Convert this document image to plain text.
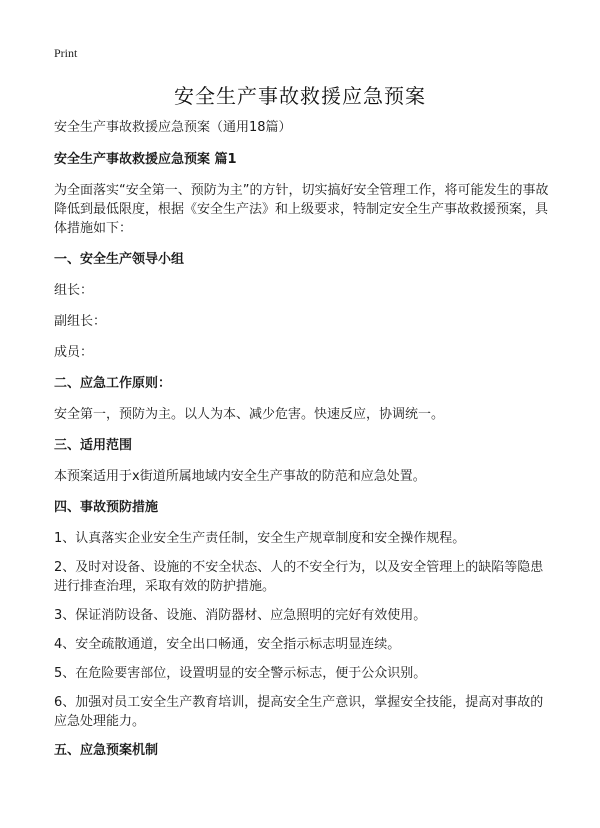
Print
安全生产事故救援应急预案

安全生产事故救援应急预案（通用18篇）

安全生产事故救援应急预案 篇1

为全面落实“安全第一、预防为主”的方针，切实搞好安全管理工作，将可能发生的事故降低到最低限度，根据《安全生产法》和上级要求，特制定安全生产事故救援预案，具体措施如下：

一、安全生产领导小组

组长：

副组长：

成员：

二、应急工作原则：

安全第一，预防为主。以人为本、减少危害。快速反应，协调统一。

三、适用范围

本预案适用于x街道所属地域内安全生产事故的防范和应急处置。

四、事故预防措施

1、认真落实企业安全生产责任制，安全生产规章制度和安全操作规程。

2、及时对设备、设施的不安全状态、人的不安全行为，以及安全管理上的缺陷等隐患进行排查治理，采取有效的防护措施。

3、保证消防设备、设施、消防器材、应急照明的完好有效使用。

4、安全疏散通道，安全出口畅通，安全指示标志明显连续。

5、在危险要害部位，设置明显的安全警示标志，便于公众识别。

6、加强对员工安全生产教育培训，提高安全生产意识，掌握安全技能，提高对事故的应急处理能力。

五、应急预案机制
